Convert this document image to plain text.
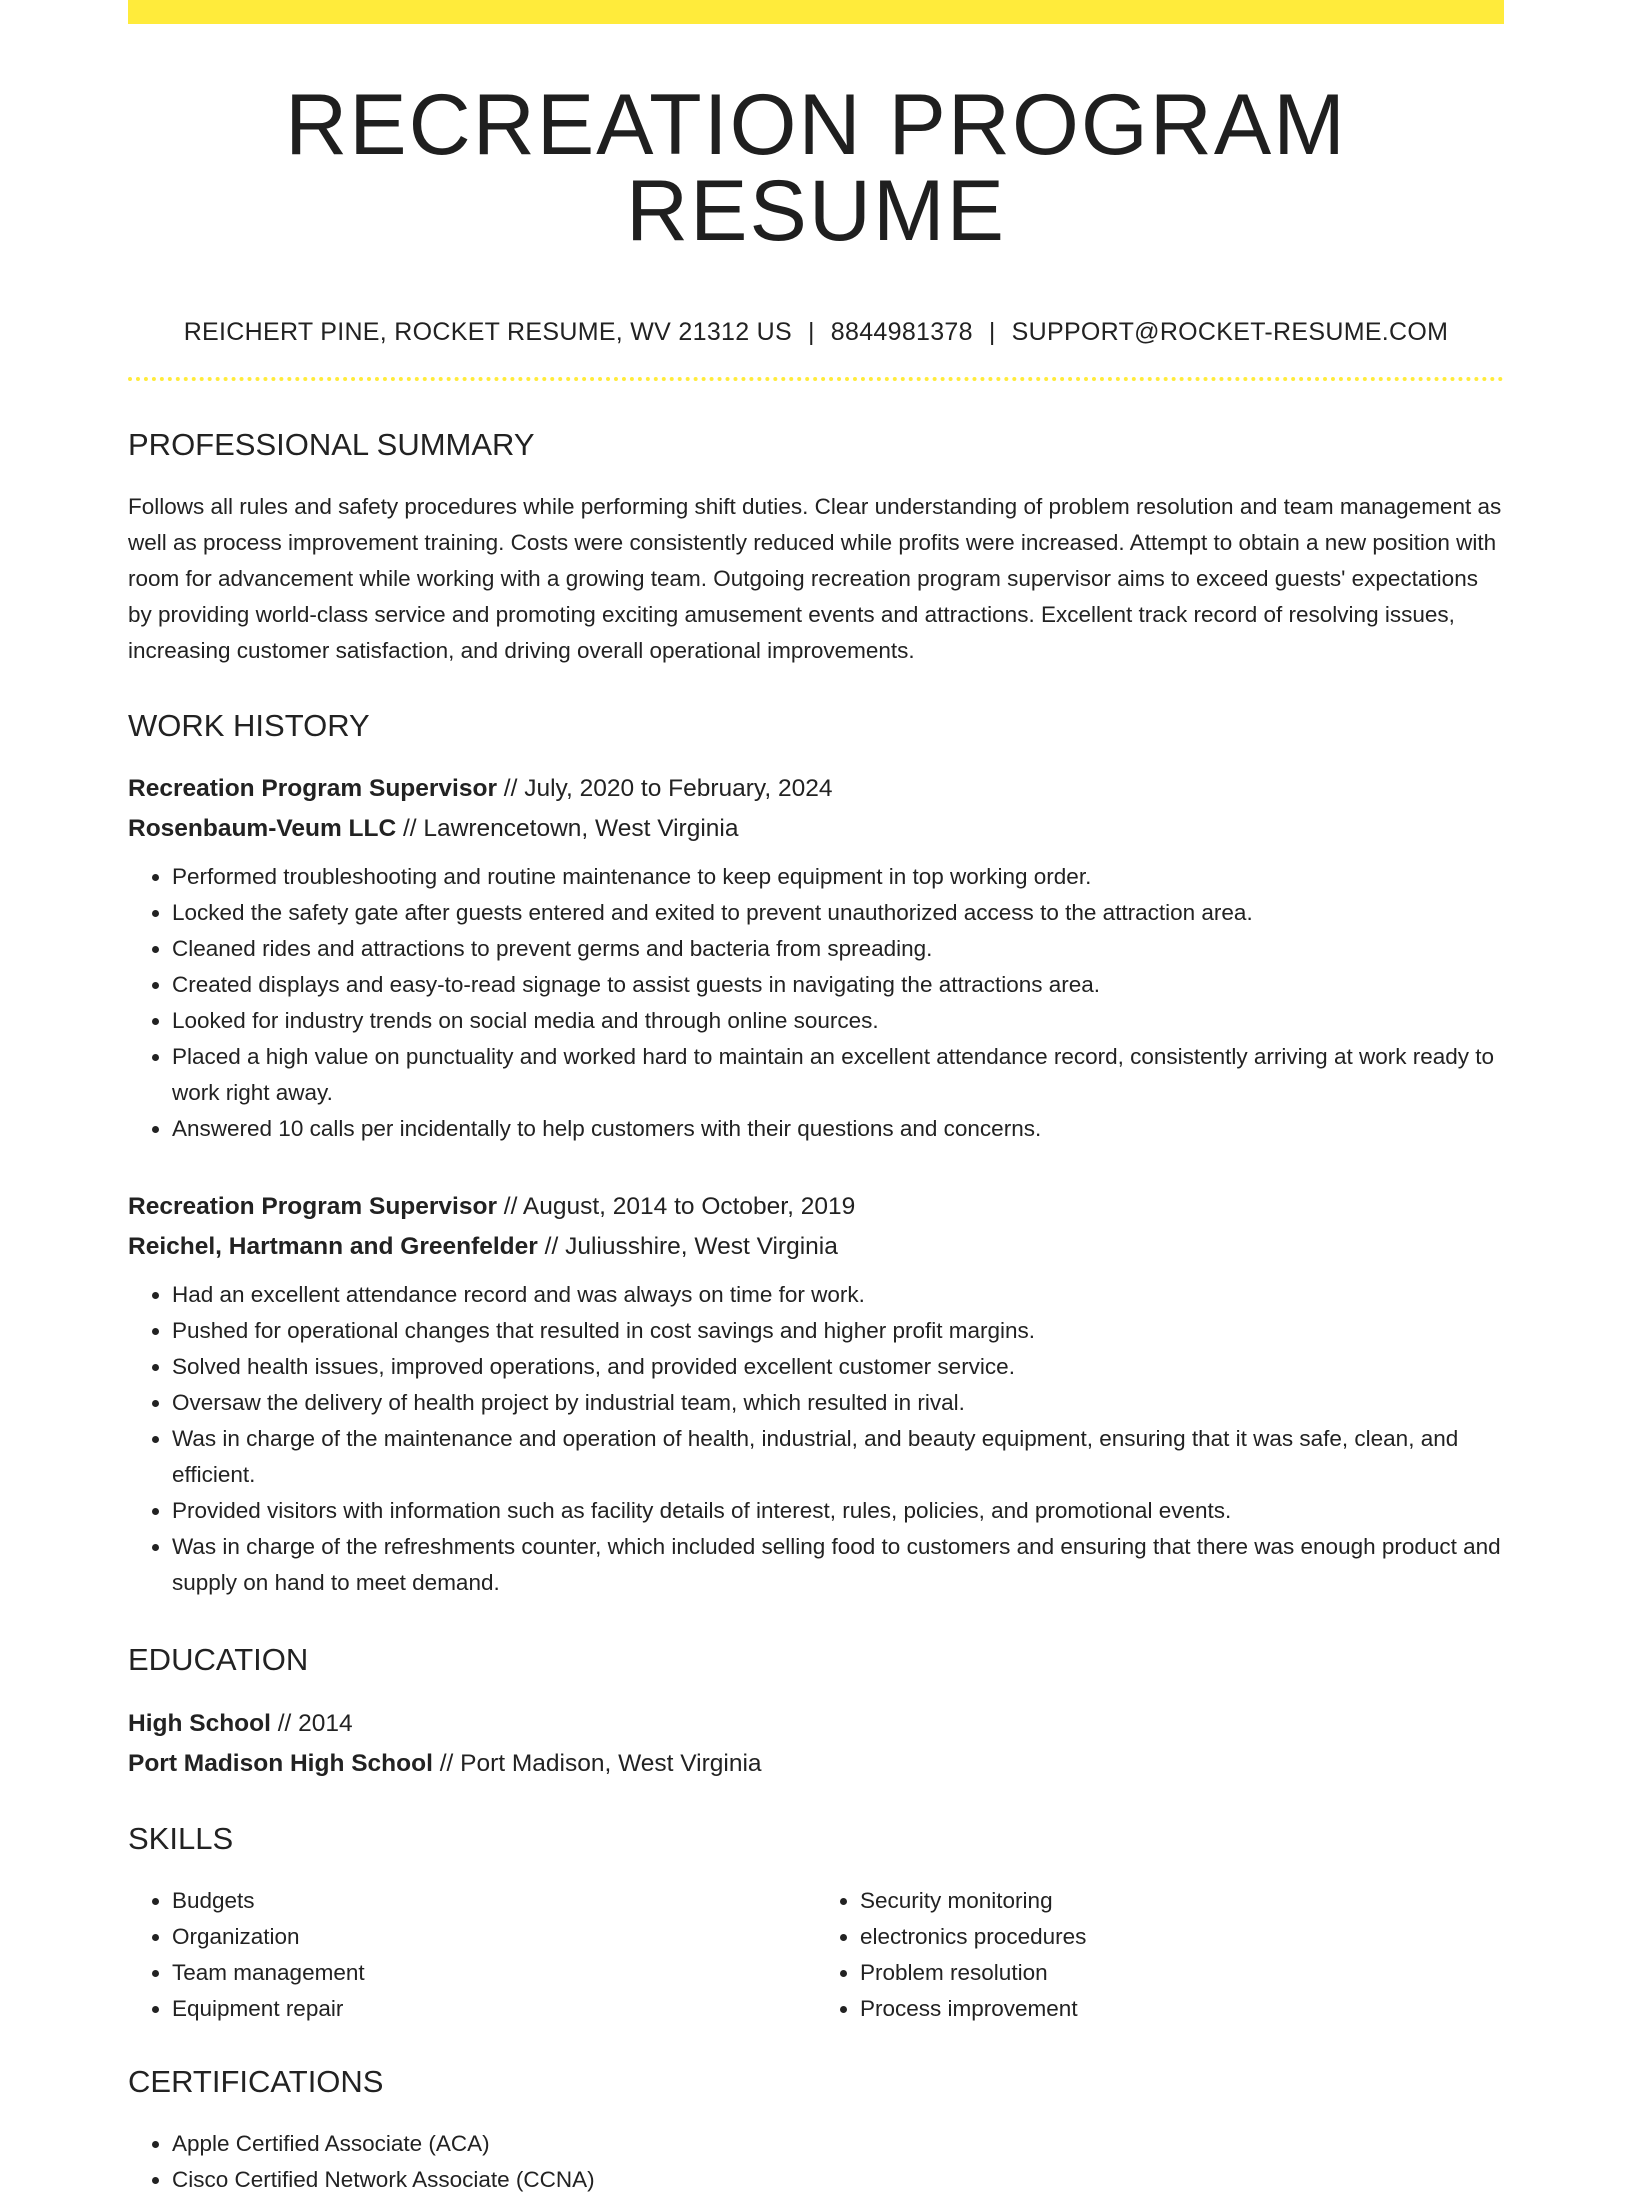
RECREATION PROGRAM RESUME
REICHERT PINE, ROCKET RESUME, WV 21312 US | 8844981378 | SUPPORT@ROCKET-RESUME.COM
PROFESSIONAL SUMMARY

Follows all rules and safety procedures while performing shift duties. Clear understanding of problem resolution and team management as well as process improvement training. Costs were consistently reduced while profits were increased. Attempt to obtain a new position with room for advancement while working with a growing team. Outgoing recreation program supervisor aims to exceed guests' expectations by providing world-class service and promoting exciting amusement events and attractions. Excellent track record of resolving issues, increasing customer satisfaction, and driving overall operational improvements.

WORK HISTORY
Recreation Program Supervisor // July, 2020 to February, 2024
Rosenbaum-Veum LLC // Lawrencetown, West Virginia
• Performed troubleshooting and routine maintenance to keep equipment in top working order.
• Locked the safety gate after guests entered and exited to prevent unauthorized access to the attraction area.
• Cleaned rides and attractions to prevent germs and bacteria from spreading.
• Created displays and easy-to-read signage to assist guests in navigating the attractions area.
• Looked for industry trends on social media and through online sources.
• Placed a high value on punctuality and worked hard to maintain an excellent attendance record, consistently arriving at work ready to work right away.
• Answered 10 calls per incidentally to help customers with their questions and concerns.
Recreation Program Supervisor // August, 2014 to October, 2019
Reichel, Hartmann and Greenfelder // Juliusshire, West Virginia
• Had an excellent attendance record and was always on time for work.
• Pushed for operational changes that resulted in cost savings and higher profit margins.
• Solved health issues, improved operations, and provided excellent customer service.
• Oversaw the delivery of health project by industrial team, which resulted in rival.
• Was in charge of the maintenance and operation of health, industrial, and beauty equipment, ensuring that it was safe, clean, and efficient.
• Provided visitors with information such as facility details of interest, rules, policies, and promotional events.
• Was in charge of the refreshments counter, which included selling food to customers and ensuring that there was enough product and supply on hand to meet demand.
EDUCATION
High School // 2014
Port Madison High School // Port Madison, West Virginia
SKILLS
• Budgets
• Organization
• Team management
• Equipment repair
• Security monitoring
• electronics procedures
• Problem resolution
• Process improvement
CERTIFICATIONS
• Apple Certified Associate (ACA)
• Cisco Certified Network Associate (CCNA)
